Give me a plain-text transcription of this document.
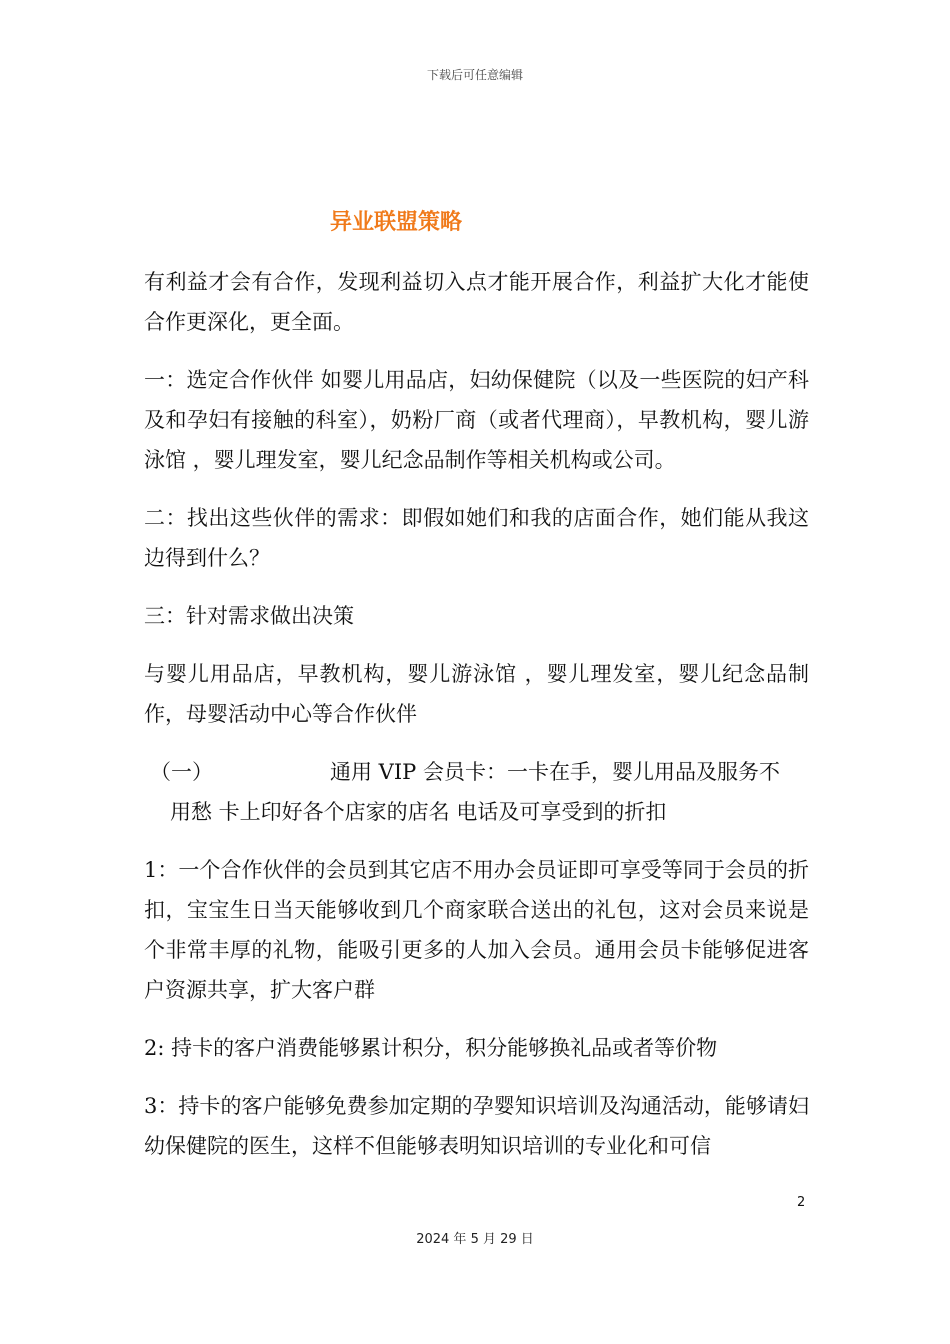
下载后可任意编辑
异业联盟策略

有利益才会有合作，发现利益切入点才能开展合作，利益扩大化才能使合作更深化，更全面。

一：选定合作伙伴 如婴儿用品店，妇幼保健院（以及一些医院的妇产科及和孕妇有接触的科室），奶粉厂商（或者代理商），早教机构，婴儿游泳馆 ，婴儿理发室，婴儿纪念品制作等相关机构或公司。

二：找出这些伙伴的需求：即假如她们和我的店面合作，她们能从我这边得到什么？

三：针对需求做出决策

与婴儿用品店，早教机构，婴儿游泳馆 ，婴儿理发室，婴儿纪念品制作，母婴活动中心等合作伙伴

（一）	通用 VIP 会员卡：一卡在手，婴儿用品及服务不
用愁 卡上印好各个店家的店名 电话及可享受到的折扣

1：一个合作伙伴的会员到其它店不用办会员证即可享受等同于会员的折扣，宝宝生日当天能够收到几个商家联合送出的礼包，这对会员来说是个非常丰厚的礼物，能吸引更多的人加入会员。通用会员卡能够促进客户资源共享，扩大客户群

2: 持卡的客户消费能够累计积分，积分能够换礼品或者等价物

3：持卡的客户能够免费参加定期的孕婴知识培训及沟通活动，能够请妇幼保健院的医生，这样不但能够表明知识培训的专业化和可信

2
2024 年 5 月 29 日
